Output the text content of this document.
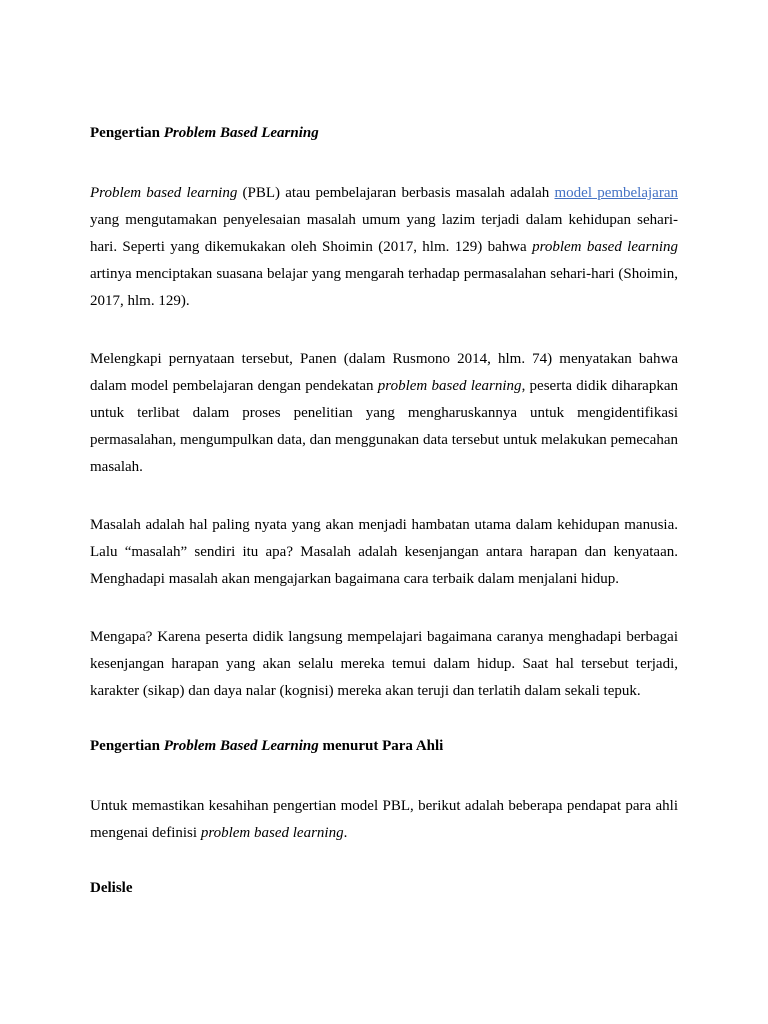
Pengertian Problem Based Learning

Problem based learning (PBL) atau pembelajaran berbasis masalah adalah model pembelajaran yang mengutamakan penyelesaian masalah umum yang lazim terjadi dalam kehidupan sehari-hari. Seperti yang dikemukakan oleh Shoimin (2017, hlm. 129) bahwa problem based learning artinya menciptakan suasana belajar yang mengarah terhadap permasalahan sehari-hari (Shoimin, 2017, hlm. 129).

Melengkapi pernyataan tersebut, Panen (dalam Rusmono 2014, hlm. 74) menyatakan bahwa dalam model pembelajaran dengan pendekatan problem based learning, peserta didik diharapkan untuk terlibat dalam proses penelitian yang mengharuskannya untuk mengidentifikasi permasalahan, mengumpulkan data, dan menggunakan data tersebut untuk melakukan pemecahan masalah.

Masalah adalah hal paling nyata yang akan menjadi hambatan utama dalam kehidupan manusia. Lalu “masalah” sendiri itu apa? Masalah adalah kesenjangan antara harapan dan kenyataan. Menghadapi masalah akan mengajarkan bagaimana cara terbaik dalam menjalani hidup.

Mengapa? Karena peserta didik langsung mempelajari bagaimana caranya menghadapi berbagai kesenjangan harapan yang akan selalu mereka temui dalam hidup. Saat hal tersebut terjadi, karakter (sikap) dan daya nalar (kognisi) mereka akan teruji dan terlatih dalam sekali tepuk.

Pengertian Problem Based Learning menurut Para Ahli

Untuk memastikan kesahihan pengertian model PBL, berikut adalah beberapa pendapat para ahli mengenai definisi problem based learning.

Delisle
